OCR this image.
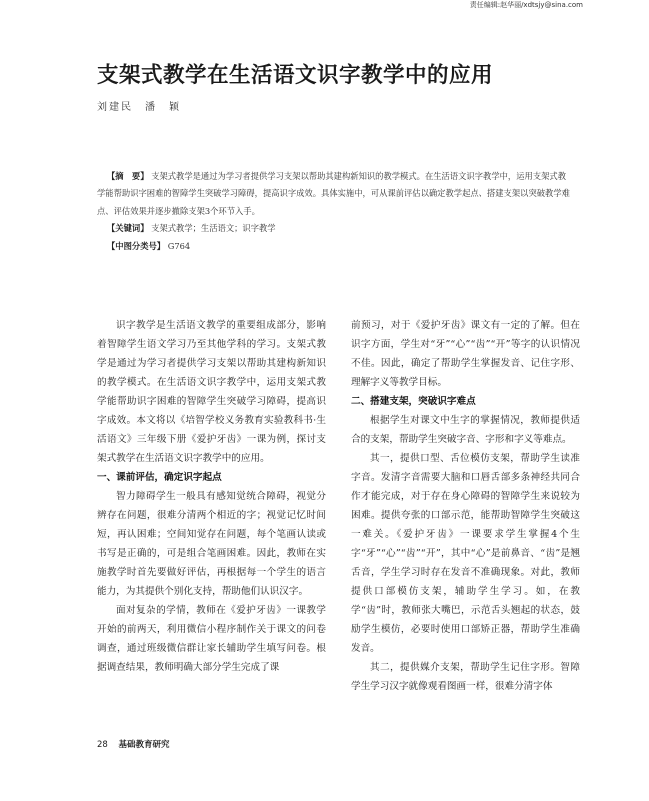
责任编辑:赵华丽/xdtsjy@sina.com
支架式教学在生活语文识字教学中的应用
刘建民　潘　颖

【摘　要】 支架式教学是通过为学习者提供学习支架以帮助其建构新知识的教学模式。在生活语文识字教学中，运用支架式教学能帮助识字困难的智障学生突破学习障碍，提高识字成效。具体实施中，可从课前评估以确定教学起点、搭建支架以突破教学难点、评估效果并逐步撤除支架3个环节入手。

【关键词】 支架式教学；生活语文；识字教学

【中图分类号】 G764

识字教学是生活语文教学的重要组成部分，影响着智障学生语文学习乃至其他学科的学习。支架式教学是通过为学习者提供学习支架以帮助其建构新知识的教学模式。在生活语文识字教学中，运用支架式教学能帮助识字困难的智障学生突破学习障碍，提高识字成效。本文将以《培智学校义务教育实验教科书·生活语文》三年级下册《爱护牙齿》一课为例，探讨支架式教学在生活语文识字教学中的应用。

一、课前评估，确定识字起点

智力障碍学生一般具有感知觉统合障碍，视觉分辨存在问题，很难分清两个相近的字；视觉记忆时间短，再认困难；空间知觉存在问题，每个笔画认读或书写是正确的，可是组合笔画困难。因此，教师在实施教学时首先要做好评估，再根据每一个学生的语言能力，为其提供个别化支持，帮助他们认识汉字。

面对复杂的学情，教师在《爱护牙齿》一课教学开始的前两天，利用微信小程序制作关于课文的问卷调查，通过班级微信群让家长辅助学生填写问卷。根据调查结果，教师明确大部分学生完成了课

前预习，对于《爱护牙齿》课文有一定的了解。但在识字方面，学生对“牙”“心”“齿”“开”等字的认识情况不佳。因此，确定了帮助学生掌握发音、记住字形、理解字义等教学目标。

二、搭建支架，突破识字难点

根据学生对课文中生字的掌握情况，教师提供适合的支架，帮助学生突破字音、字形和字义等难点。

其一，提供口型、舌位模仿支架，帮助学生读准字音。发清字音需要大脑和口唇舌部多条神经共同合作才能完成，对于存在身心障碍的智障学生来说较为困难。提供夸张的口部示范，能帮助智障学生突破这一难关。《爱护牙齿》一课要求学生掌握4个生字“牙”“心”“齿”“开”，其中“心”是前鼻音、“齿”是翘舌音，学生学习时存在发音不准确现象。对此，教师提供口部模仿支架，辅助学生学习。如，在教学“齿”时，教师张大嘴巴，示范舌头翘起的状态，鼓励学生模仿，必要时使用口部矫正器，帮助学生准确发音。

其二，提供媒介支架，帮助学生记住字形。智障学生学习汉字就像观看图画一样，很难分清字体

28 基础教育研究
